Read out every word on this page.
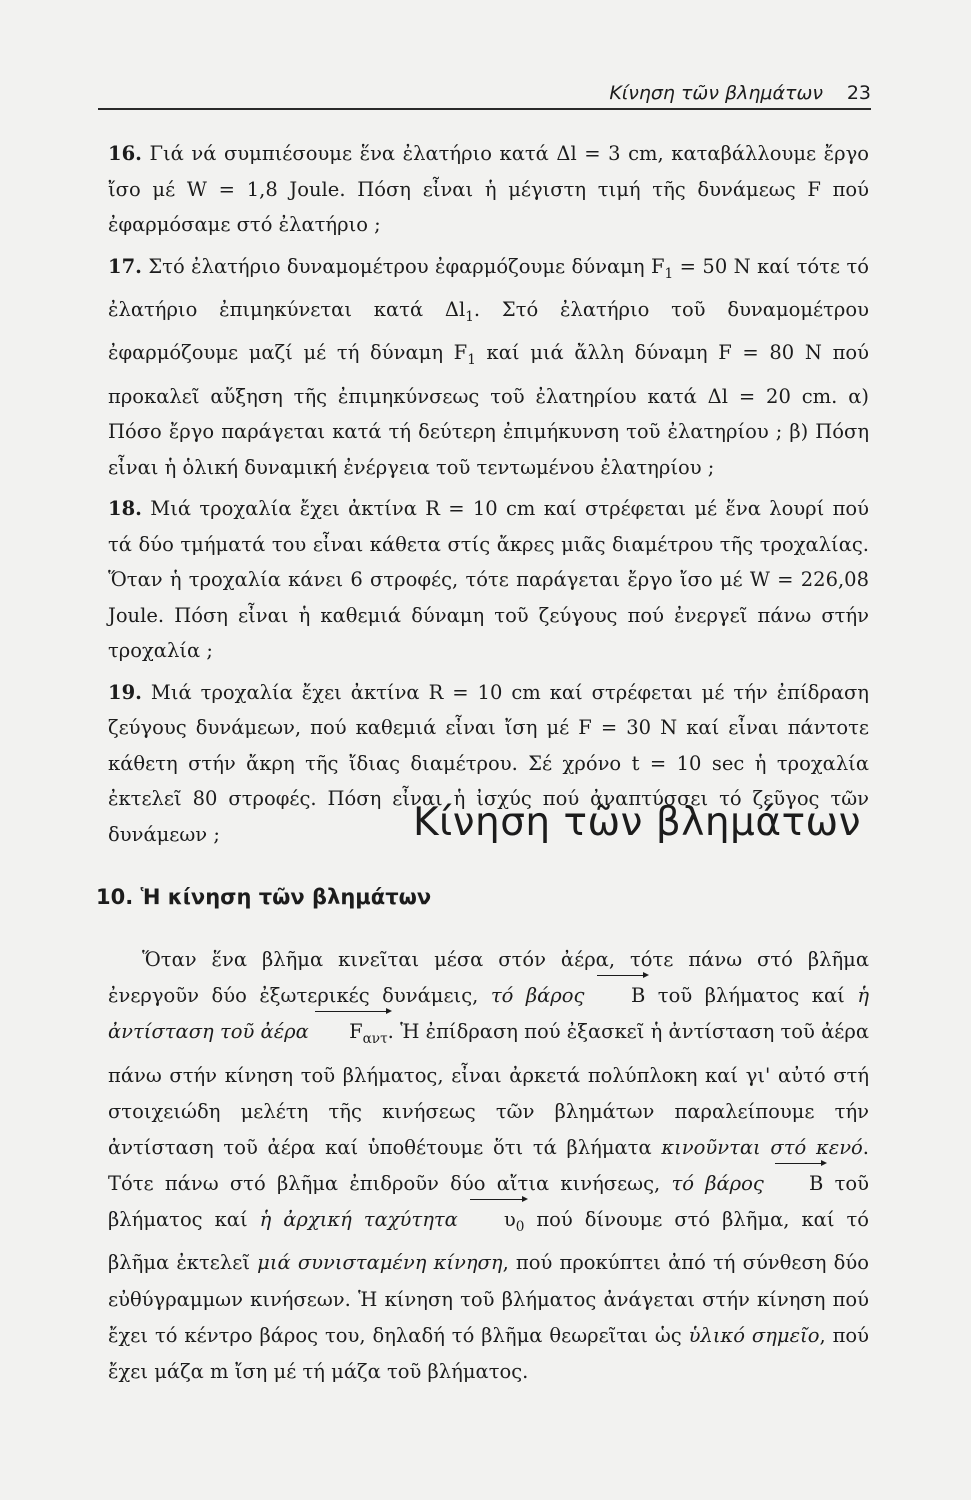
Κίνηση τῶν βλημάτων 23

16. Γιά νά συμπιέσουμε ἕνα ἐλατήριο κατά Δl = 3 cm, καταβάλλουμε ἔργο ἴσο μέ W = 1,8 Joule. Πόση εἶναι ἡ μέγιστη τιμή τῆς δυνάμεως F πού ἐφαρμόσαμε στό ἐλατήριο ;

17. Στό ἐλατήριο δυναμομέτρου ἐφαρμόζουμε δύναμη $F_1 = 50$ N καί τότε τό ἐλατήριο ἐπιμηκύνεται κατά $\Delta l_1$. Στό ἐλατήριο τοῦ δυναμομέτρου ἐφαρμόζουμε μαζί μέ τή δύναμη $F_1$ καί μιά ἄλλη δύναμη F = 80 N πού προκαλεῖ αὔξηση τῆς ἐπιμηκύνσεως τοῦ ἐλατηρίου κατά Δl = 20 cm. α) Πόσο ἔργο παράγεται κατά τή δεύτερη ἐπιμήκυνση τοῦ ἐλατηρίου ; β) Πόση εἶναι ἡ ὁλική δυναμική ἐνέργεια τοῦ τεντωμένου ἐλατηρίου ;

18. Μιά τροχαλία ἔχει ἀκτίνα R = 10 cm καί στρέφεται μέ ἕνα λουρί πού τά δύο τμήματά του εἶναι κάθετα στίς ἄκρες μιᾶς διαμέτρου τῆς τροχαλίας. Ὅταν ἡ τροχαλία κάνει 6 στροφές, τότε παράγεται ἔργο ἴσο μέ W = 226,08 Joule. Πόση εἶναι ἡ καθεμιά δύναμη τοῦ ζεύγους πού ἐνεργεῖ πάνω στήν τροχαλία ;

19. Μιά τροχαλία ἔχει ἀκτίνα R = 10 cm καί στρέφεται μέ τήν ἐπίδραση ζεύγους δυνάμεων, πού καθεμιά εἶναι ἴση μέ F = 30 N καί εἶναι πάντοτε κάθετη στήν ἄκρη τῆς ἴδιας διαμέτρου. Σέ χρόνο t = 10 sec ἡ τροχαλία ἐκτελεῖ 80 στροφές. Πόση εἶναι ἡ ἰσχύς πού ἀναπτύσσει τό ζεῦγος τῶν δυνάμεων ;	Κίνηση τῶν βλημάτων
10. Ἡ κίνηση τῶν βλημάτων

Ὅταν ἕνα βλῆμα κινεῖται μέσα στόν ἀέρα, τότε πάνω στό βλῆμα ἐνεργοῦν δύο ἐξωτερικές δυνάμεις, τό βάρος B τοῦ βλήματος καί ἡ ἀντίσταση τοῦ ἀέρα $F_{\alpha\nu\tau}$. Ἡ ἐπίδραση πού ἐξασκεῖ ἡ ἀντίσταση τοῦ ἀέρα πάνω στήν κίνηση τοῦ βλήματος, εἶναι ἀρκετά πολύπλοκη καί γι' αὐτό στή στοιχειώδη μελέτη τῆς κινήσεως τῶν βλημάτων παραλείπουμε τήν ἀντίσταση τοῦ ἀέρα καί ὑποθέτουμε ὅτι τά βλήματα κινοῦνται στό κενό. Τότε πάνω στό βλῆμα ἐπιδροῦν δύο αἴτια κινήσεως, τό βάρος B τοῦ βλήματος καί ἡ ἀρχική ταχύτητα $\upsilon_0$ πού δίνουμε στό βλῆμα, καί τό βλῆμα ἐκτελεῖ μιά συνισταμένη κίνηση, πού προκύπτει ἀπό τή σύνθεση δύο εὐθύγραμμων κινήσεων. Ἡ κίνηση τοῦ βλήματος ἀνάγεται στήν κίνηση πού ἔχει τό κέντρο βάρος του, δηλαδή τό βλῆμα θεωρεῖται ὡς ὑλικό σημεῖο, πού ἔχει μάζα m ἴση μέ τή μάζα τοῦ βλήματος.
